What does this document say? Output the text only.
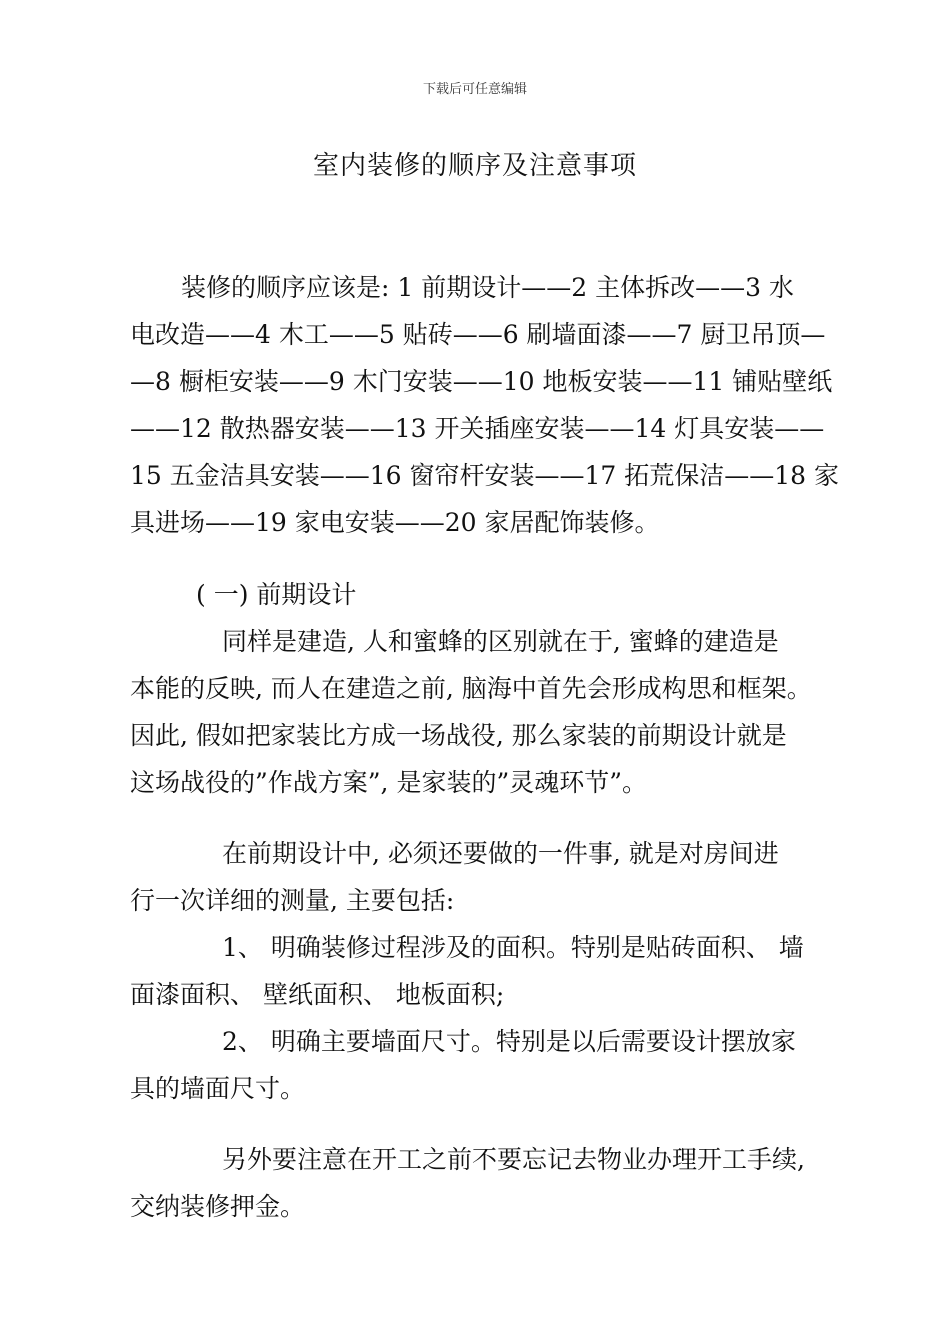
下载后可任意编辑
室内装修的顺序及注意事项
装修的顺序应该是: 1 前期设计——2 主体拆改——3 水
电改造——4 木工——5 贴砖——6 刷墙面漆——7 厨卫吊顶—
—8 橱柜安装——9 木门安装——10 地板安装——11 铺贴壁纸
——12 散热器安装——13 开关插座安装——14 灯具安装——
15 五金洁具安装——16 窗帘杆安装——17 拓荒保洁——18 家
具进场——19 家电安装——20 家居配饰装修。
( 一) 前期设计
同样是建造, 人和蜜蜂的区别就在于, 蜜蜂的建造是
本能的反映, 而人在建造之前, 脑海中首先会形成构思和框架。
因此, 假如把家装比方成一场战役, 那么家装的前期设计就是
这场战役的”作战方案”, 是家装的”灵魂环节”。
在前期设计中, 必须还要做的一件事, 就是对房间进
行一次详细的测量, 主要包括:
1、 明确装修过程涉及的面积。特别是贴砖面积、 墙
面漆面积、 壁纸面积、 地板面积;
2、 明确主要墙面尺寸。特别是以后需要设计摆放家
具的墙面尺寸。
另外要注意在开工之前不要忘记去物业办理开工手续,
交纳装修押金。
